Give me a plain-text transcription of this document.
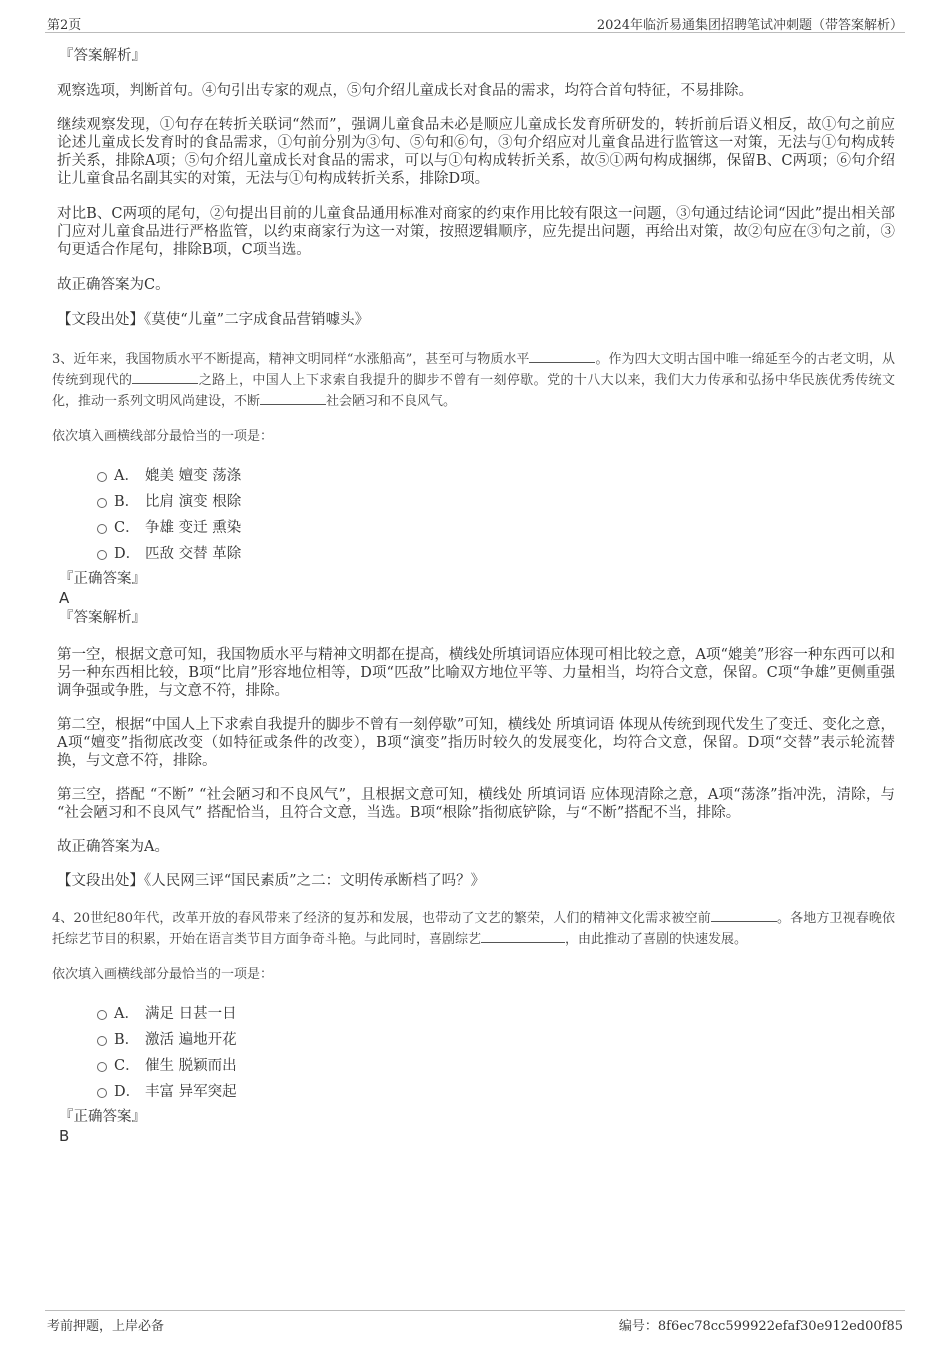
第2页	2024年临沂易通集团招聘笔试冲刺题（带答案解析）
『答案解析』

观察选项，判断首句。④句引出专家的观点，⑤句介绍儿童成长对食品的需求，均符合首句特征，不易排除。

继续观察发现，①句存在转折关联词“然而”，强调儿童食品未必是顺应儿童成长发育所研发的，转折前后语义相反，故①句之前应论述儿童成长发育时的食品需求，①句前分别为③句、⑤句和⑥句，③句介绍应对儿童食品进行监管这一对策，无法与①句构成转折关系，排除A项；⑤句介绍儿童成长对食品的需求，可以与①句构成转折关系，故⑤①两句构成捆绑，保留B、C两项；⑥句介绍让儿童食品名副其实的对策，无法与①句构成转折关系，排除D项。

对比B、C两项的尾句，②句提出目前的儿童食品通用标准对商家的约束作用比较有限这一问题，③句通过结论词“因此”提出相关部门应对儿童食品进行严格监管，以约束商家行为这一对策，按照逻辑顺序，应先提出问题，再给出对策，故②句应在③句之前，③句更适合作尾句，排除B项，C项当选。

故正确答案为C。

【文段出处】《莫使“儿童”二字成食品营销噱头》

3、近年来，我国物质水平不断提高，精神文明同样“水涨船高”，甚至可与物质水平	。作为四大文明古国中唯一绵延至今的古老文明，从传统到现代的	之路上，中国人上下求索自我提升的脚步不曾有一刻停歇。党的十八大以来，我们大力传承和弘扬中华民族优秀传统文化，推动一系列文明风尚建设，不断	社会陋习和不良风气。

依次填入画横线部分最恰当的一项是：

A． 媲美 嬗变 荡涤
B． 比肩 演变 根除
C． 争雄 变迁 熏染
D． 匹敌 交替 革除
『正确答案』
A
『答案解析』

第一空，根据文意可知，我国物质水平与精神文明都在提高，横线处所填词语应体现可相比较之意，A项“媲美”形容一种东西可以和另一种东西相比较，B项“比肩”形容地位相等，D项“匹敌”比喻双方地位平等、力量相当，均符合文意，保留。C项“争雄”更侧重强调争强或争胜，与文意不符，排除。

第二空，根据“中国人上下求索自我提升的脚步不曾有一刻停歇”可知，横线处 所填词语 体现从传统到现代发生了变迁、变化之意，A项“嬗变”指彻底改变（如特征或条件的改变），B项“演变”指历时较久的发展变化，均符合文意，保留。D项“交替”表示轮流替换，与文意不符，排除。

第三空，搭配 “不断” “社会陋习和不良风气”，且根据文意可知，横线处 所填词语 应体现清除之意，A项“荡涤”指冲洗，清除，与 “社会陋习和不良风气” 搭配恰当，且符合文意，当选。B项“根除”指彻底铲除，与“不断”搭配不当，排除。

故正确答案为A。

【文段出处】《人民网三评“国民素质”之二：文明传承断档了吗？》

4、20世纪80年代，改革开放的春风带来了经济的复苏和发展，也带动了文艺的繁荣，人们的精神文化需求被空前	。各地方卫视春晚依托综艺节目的积累，开始在语言类节目方面争奇斗艳。与此同时，喜剧综艺	，由此推动了喜剧的快速发展。

依次填入画横线部分最恰当的一项是：

A． 满足 日甚一日
B． 激活 遍地开花
C． 催生 脱颖而出
D． 丰富 异军突起
『正确答案』
B
考前押题，上岸必备	编号：8f6ec78cc599922efaf30e912ed00f85
